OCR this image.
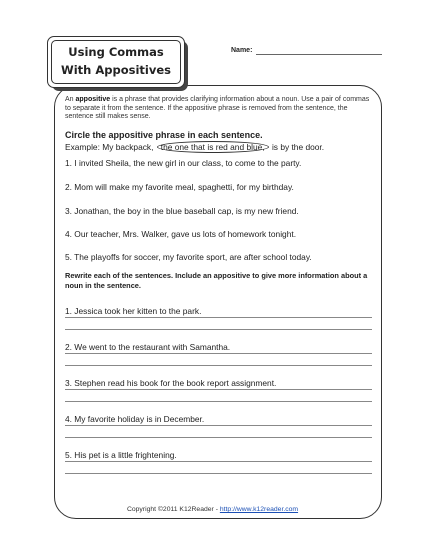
Using Commas
With Appositives
Name:
An appositive is a phrase that provides clarifying information about a noun. Use a pair of commas to separate it from the sentence. If the appositive phrase is removed from the sentence, the sentence still makes sense.
Circle the appositive phrase in each sentence.
Example: My backpack, the one that is red and blue, is by the door.
1. I invited Sheila, the new girl in our class, to come to the party.
2. Mom will make my favorite meal, spaghetti, for my birthday.
3. Jonathan, the boy in the blue baseball cap, is my new friend.
4. Our teacher, Mrs. Walker, gave us lots of homework tonight.
5. The playoffs for soccer, my favorite sport, are after school today.
Rewrite each of the sentences. Include an appositive to give more information about a noun in the sentence.
1. Jessica took her kitten to the park.
2. We went to the restaurant with Samantha.
3. Stephen read his book for the book report assignment.
4. My favorite holiday is in December.
5. His pet is a little frightening.
Copyright ©2011 K12Reader - http://www.k12reader.com
